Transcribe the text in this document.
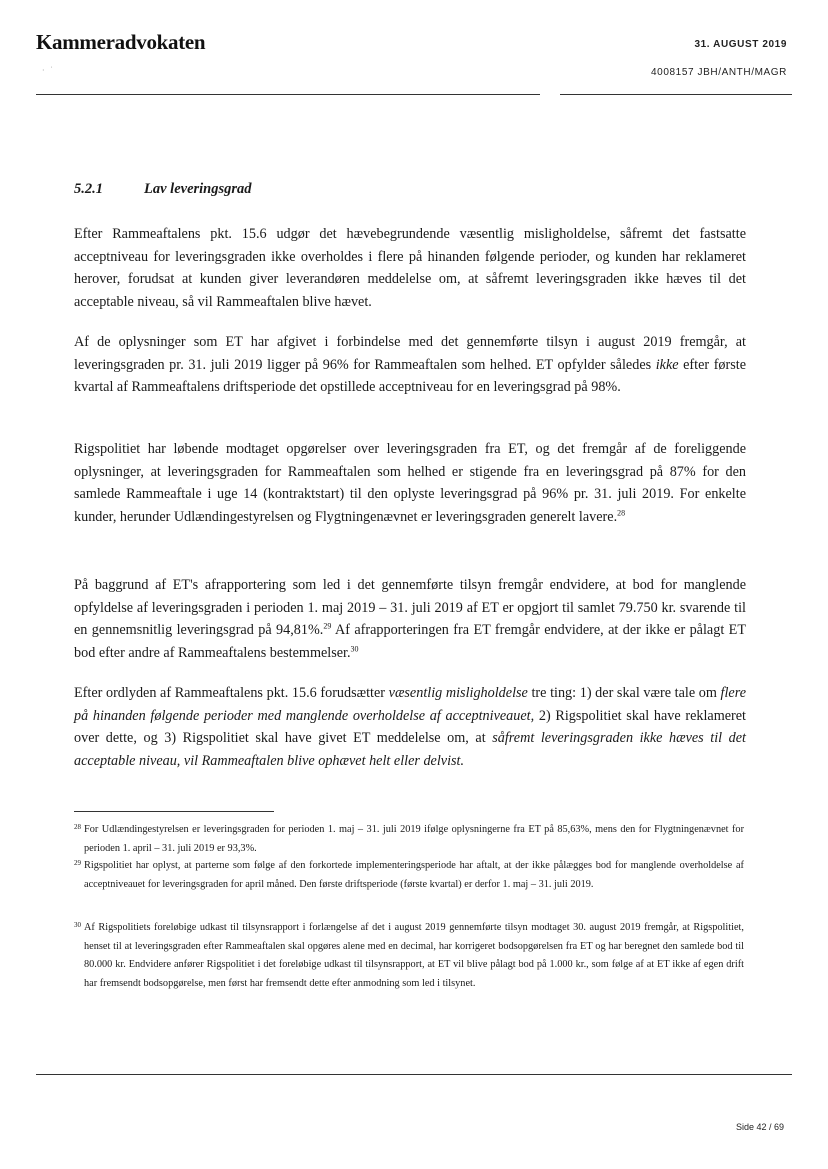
Kammeradvokaten	31. AUGUST 2019
4008157 JBH/ANTH/MAGR
·  ˙
5.2.1	Lav leveringsgrad

Efter Rammeaftalens pkt. 15.6 udgør det hævebegrundende væsentlig misligholdelse, såfremt det fastsatte acceptniveau for leveringsgraden ikke overholdes i flere på hinanden følgende perioder, og kunden har reklameret herover, forudsat at kunden giver leverandøren meddelelse om, at såfremt leveringsgraden ikke hæves til det acceptable niveau, så vil Rammeaftalen blive hævet.

Af de oplysninger som ET har afgivet i forbindelse med det gennemførte tilsyn i august 2019 fremgår, at leveringsgraden pr. 31. juli 2019 ligger på 96% for Rammeaftalen som helhed. ET opfylder således ikke efter første kvartal af Rammeaftalens driftsperiode det opstillede acceptniveau for en leveringsgrad på 98%.

Rigspolitiet har løbende modtaget opgørelser over leveringsgraden fra ET, og det fremgår af de foreliggende oplysninger, at leveringsgraden for Rammeaftalen som helhed er stigende fra en leveringsgrad på 87% for den samlede Rammeaftale i uge 14 (kontraktstart) til den oplyste leveringsgrad på 96% pr. 31. juli 2019. For enkelte kunder, herunder Udlændingestyrelsen og Flygtningenævnet er leveringsgraden generelt lavere.$^{28}$

På baggrund af ET's afrapportering som led i det gennemførte tilsyn fremgår endvidere, at bod for manglende opfyldelse af leveringsgraden i perioden 1. maj 2019 – 31. juli 2019 af ET er opgjort til samlet 79.750 kr. svarende til en gennemsnitlig leveringsgrad på 94,81%.$^{29}$ Af afrapporteringen fra ET fremgår endvidere, at der ikke er pålagt ET bod efter andre af Rammeaftalens bestemmelser.$^{30}$

Efter ordlyden af Rammeaftalens pkt. 15.6 forudsætter væsentlig misligholdelse tre ting: 1) der skal være tale om flere på hinanden følgende perioder med manglende overholdelse af acceptniveauet, 2) Rigspolitiet skal have reklameret over dette, og 3) Rigspolitiet skal have givet ET meddelelse om, at såfremt leveringsgraden ikke hæves til det acceptable niveau, vil Rammeaftalen blive ophævet helt eller delvist.

28 For Udlændingestyrelsen er leveringsgraden for perioden 1. maj – 31. juli 2019 ifølge oplysningerne fra ET på 85,63%, mens den for Flygtningenævnet for perioden 1. april – 31. juli 2019 er 93,3%.
29 Rigspolitiet har oplyst, at parterne som følge af den forkortede implementeringsperiode har aftalt, at der ikke pålægges bod for manglende overholdelse af acceptniveauet for leveringsgraden for april måned. Den første driftsperiode (første kvartal) er derfor 1. maj – 31. juli 2019.
30 Af Rigspolitiets foreløbige udkast til tilsynsrapport i forlængelse af det i august 2019 gennemførte tilsyn modtaget 30. august 2019 fremgår, at Rigspolitiet, henset til at leveringsgraden efter Rammeaftalen skal opgøres alene med en decimal, har korrigeret bodsopgørelsen fra ET og har beregnet den samlede bod til 80.000 kr. Endvidere anfører Rigspolitiet i det foreløbige udkast til tilsynsrapport, at ET vil blive pålagt bod på 1.000 kr., som følge af at ET ikke af egen drift har fremsendt bodsopgørelse, men først har fremsendt dette efter anmodning som led i tilsynet.
Side 42 / 69
